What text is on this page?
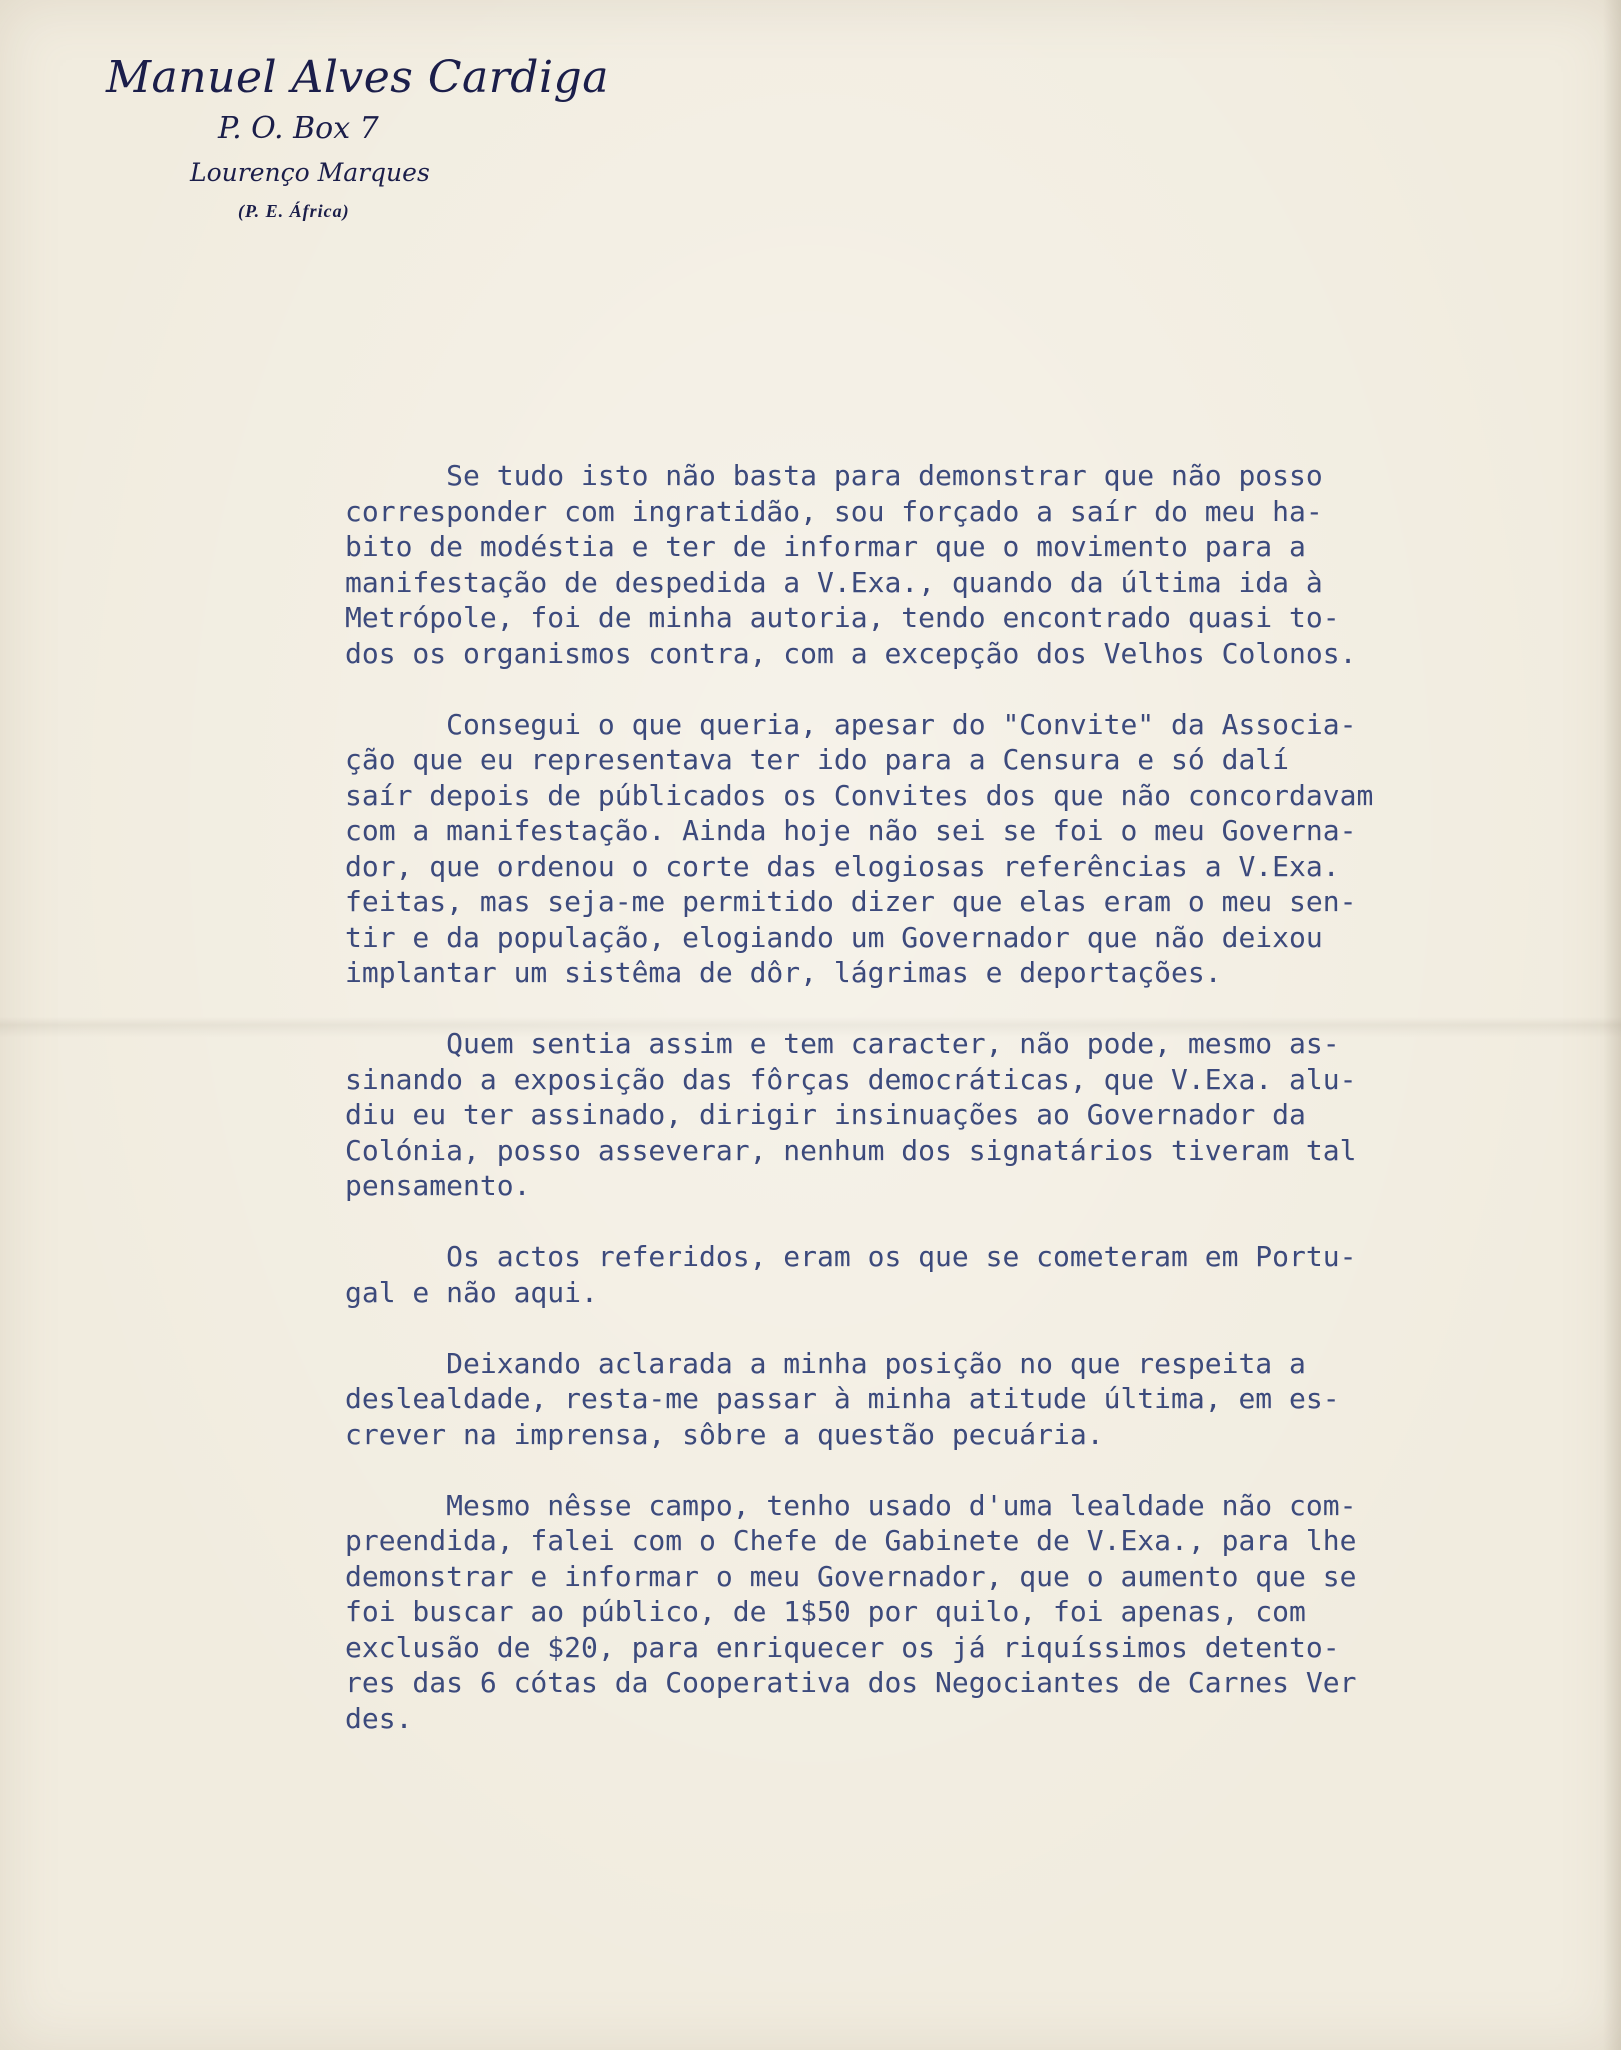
Manuel Alves Cardiga
P. O. Box 7
Lourenço Marques
(P. E. África)
Se tudo isto não basta para demonstrar que não posso
corresponder com ingratidão, sou forçado a saír do meu ha-
bito de modéstia e ter de informar que o movimento para a
manifestação de despedida a V.Exa., quando da última ida à
Metrópole, foi de minha autoria, tendo encontrado quasi to-
dos os organismos contra, com a excepção dos Velhos Colonos.
Consegui o que queria, apesar do "Convite" da Associa-
ção que eu representava ter ido para a Censura e só dalí
saír depois de públicados os Convites dos que não concordavam
com a manifestação. Ainda hoje não sei se foi o meu Governa-
dor, que ordenou o corte das elogiosas referências a V.Exa.
feitas, mas seja-me permitido dizer que elas eram o meu sen-
tir e da população, elogiando um Governador que não deixou
implantar um sistêma de dôr, lágrimas e deportações.
Quem sentia assim e tem caracter, não pode, mesmo as-
sinando a exposição das fôrças democráticas, que V.Exa. alu-
diu eu ter assinado, dirigir insinuações ao Governador da
Colónia, posso asseverar, nenhum dos signatários tiveram tal
pensamento.
Os actos referidos, eram os que se cometeram em Portu-
gal e não aqui.
Deixando aclarada a minha posição no que respeita a
deslealdade, resta-me passar à minha atitude última, em es-
crever na imprensa, sôbre a questão pecuária.
Mesmo nêsse campo, tenho usado d'uma lealdade não com-
preendida, falei com o Chefe de Gabinete de V.Exa., para lhe
demonstrar e informar o meu Governador, que o aumento que se
foi buscar ao público, de 1$50 por quilo, foi apenas, com
exclusão de $20, para enriquecer os já riquíssimos detento-
res das 6 cótas da Cooperativa dos Negociantes de Carnes Ver
des.
